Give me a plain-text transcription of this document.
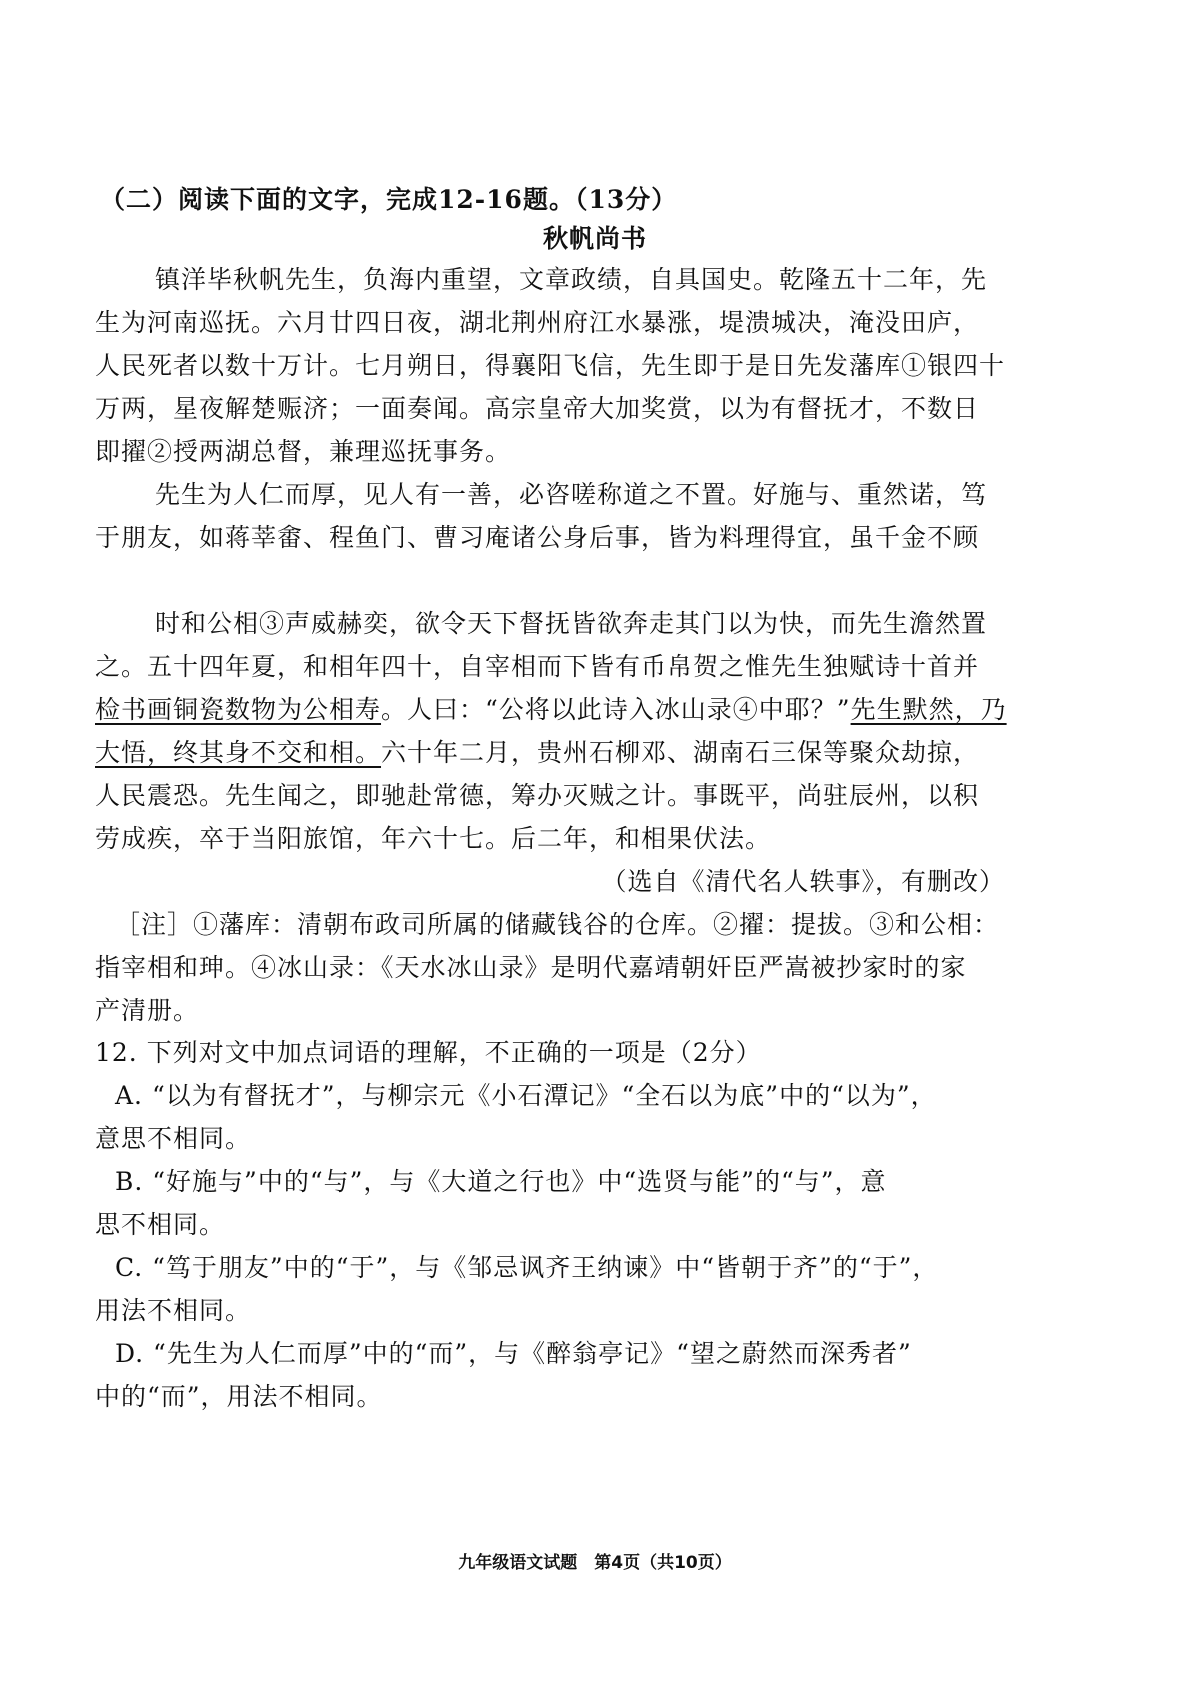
（二）阅读下面的文字，完成12-16题。（13分）
秋帆尚书
镇洋毕秋帆先生，负海内重望，文章政绩，自具国史。乾隆五十二年，先
生为河南巡抚。六月廿四日夜，湖北荆州府江水暴涨，堤溃城决，淹没田庐，
人民死者以数十万计。七月朔日，得襄阳飞信，先生即于是日先发藩库①银四十
万两，星夜解楚赈济；一面奏闻。高宗皇帝大加奖赏，以为有督抚才，不数日
即擢②授两湖总督，兼理巡抚事务。
先生为人仁而厚，见人有一善，必咨嗟称道之不置。好施与、重然诺，笃
于朋友，如蒋莘畬、程鱼门、曹习庵诸公身后事，皆为料理得宜，虽千金不顾
时和公相③声威赫奕，欲令天下督抚皆欲奔走其门以为快，而先生澹然置
之。五十四年夏，和相年四十，自宰相而下皆有币帛贺之惟先生独赋诗十首并
检书画铜瓷数物为公相寿。人曰：“公将以此诗入冰山录④中耶？”先生默然，乃
大悟，终其身不交和相。六十年二月，贵州石柳邓、湖南石三保等聚众劫掠，
人民震恐。先生闻之，即驰赴常德，筹办灭贼之计。事既平，尚驻辰州，以积
劳成疾，卒于当阳旅馆，年六十七。后二年，和相果伏法。
（选自《清代名人轶事》，有删改）
［注］①藩库：清朝布政司所属的储藏钱谷的仓库。②擢：提拔。③和公相：
指宰相和珅。④冰山录：《天水冰山录》是明代嘉靖朝奸臣严嵩被抄家时的家
产清册。
12. 下列对文中加点词语的理解，不正确的一项是（2分）
A. “以为有督抚才”，与柳宗元《小石潭记》“全石以为底”中的“以为”，
意思不相同。
B. “好施与”中的“与”，与《大道之行也》中“选贤与能”的“与”，意
思不相同。
C. “笃于朋友”中的“于”，与《邹忌讽齐王纳谏》中“皆朝于齐”的“于”，
用法不相同。
D. “先生为人仁而厚”中的“而”，与《醉翁亭记》“望之蔚然而深秀者”
中的“而”，用法不相同。
九年级语文试题　第4页（共10页）
